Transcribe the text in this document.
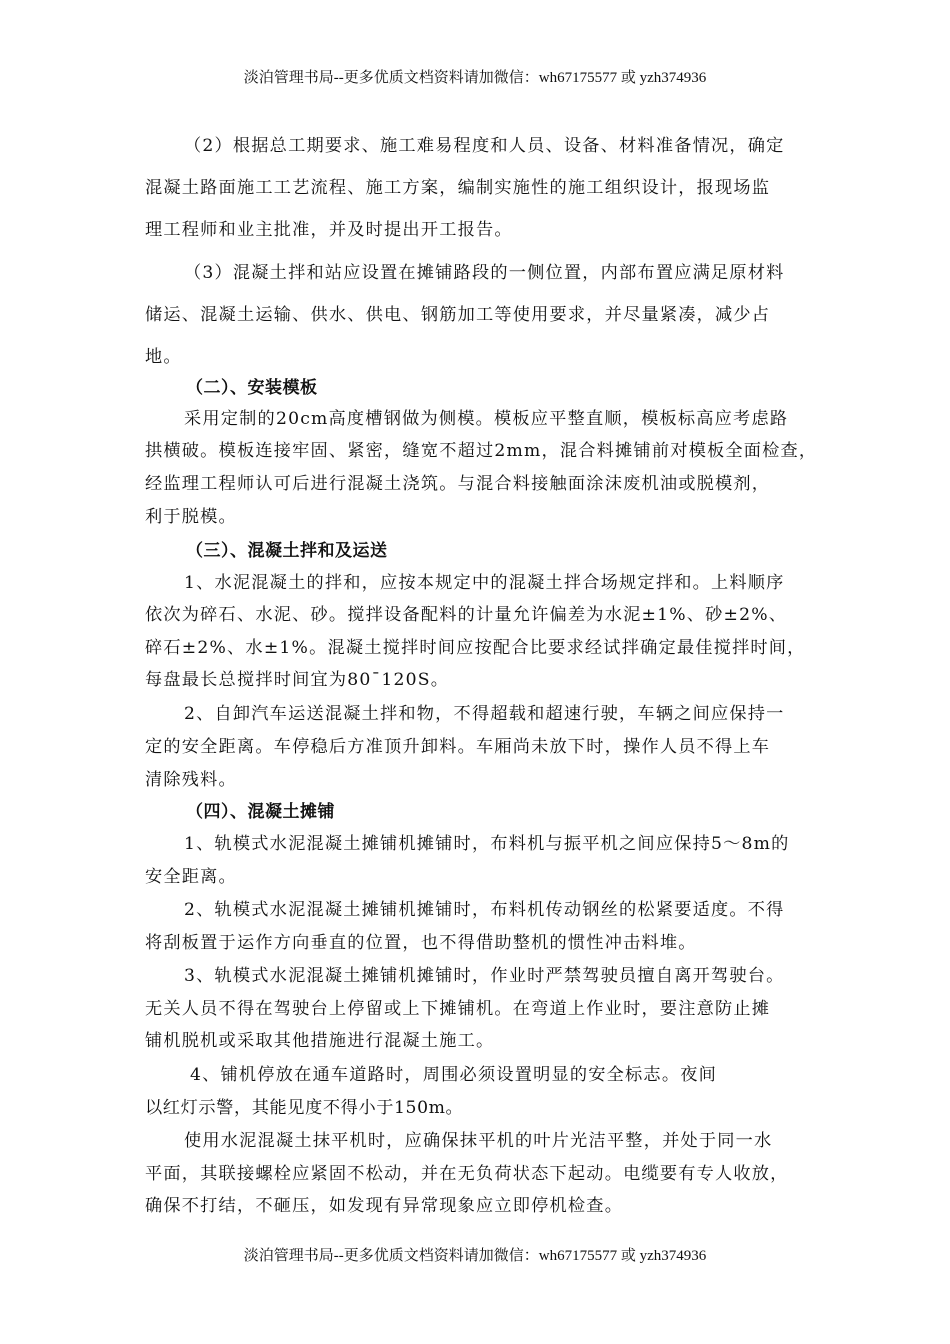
淡泊管理书局--更多优质文档资料请加微信：wh67175577 或 yzh374936
（2）根据总工期要求、施工难易程度和人员、设备、材料准备情况，确定
混凝土路面施工工艺流程、施工方案，编制实施性的施工组织设计，报现场监
理工程师和业主批准，并及时提出开工报告。
（3）混凝土拌和站应设置在摊铺路段的一侧位置，内部布置应满足原材料
储运、混凝土运输、供水、供电、钢筋加工等使用要求，并尽量紧凑，减少占
地。
（二）、安装模板
采用定制的20cm高度槽钢做为侧模。模板应平整直顺，模板标高应考虑路
拱横破。模板连接牢固、紧密，缝宽不超过2mm，混合料摊铺前对模板全面检查，
经监理工程师认可后进行混凝土浇筑。与混合料接触面涂沫废机油或脱模剂，
利于脱模。
（三）、混凝土拌和及运送
1、水泥混凝土的拌和，应按本规定中的混凝土拌合场规定拌和。上料顺序
依次为碎石、水泥、砂。搅拌设备配料的计量允许偏差为水泥±1%、砂±2%、
碎石±2%、水±1%。混凝土搅拌时间应按配合比要求经试拌确定最佳搅拌时间，
每盘最长总搅拌时间宜为80¯120S。
2、自卸汽车运送混凝土拌和物，不得超载和超速行驶，车辆之间应保持一
定的安全距离。车停稳后方准顶升卸料。车厢尚未放下时，操作人员不得上车
清除残料。
（四）、混凝土摊铺
1、轨模式水泥混凝土摊铺机摊铺时，布料机与振平机之间应保持5～8m的
安全距离。
2、轨模式水泥混凝土摊铺机摊铺时，布料机传动钢丝的松紧要适度。不得
将刮板置于运作方向垂直的位置，也不得借助整机的惯性冲击料堆。
3、轨模式水泥混凝土摊铺机摊铺时，作业时严禁驾驶员擅自离开驾驶台。
无关人员不得在驾驶台上停留或上下摊铺机。在弯道上作业时，要注意防止摊
铺机脱机或采取其他措施进行混凝土施工。
4、铺机停放在通车道路时，周围必须设置明显的安全标志。夜间
以红灯示警，其能见度不得小于150m。
使用水泥混凝土抹平机时，应确保抹平机的叶片光洁平整，并处于同一水
平面，其联接螺栓应紧固不松动，并在无负荷状态下起动。电缆要有专人收放，
确保不打结，不砸压，如发现有异常现象应立即停机检查。
淡泊管理书局--更多优质文档资料请加微信：wh67175577 或 yzh374936
